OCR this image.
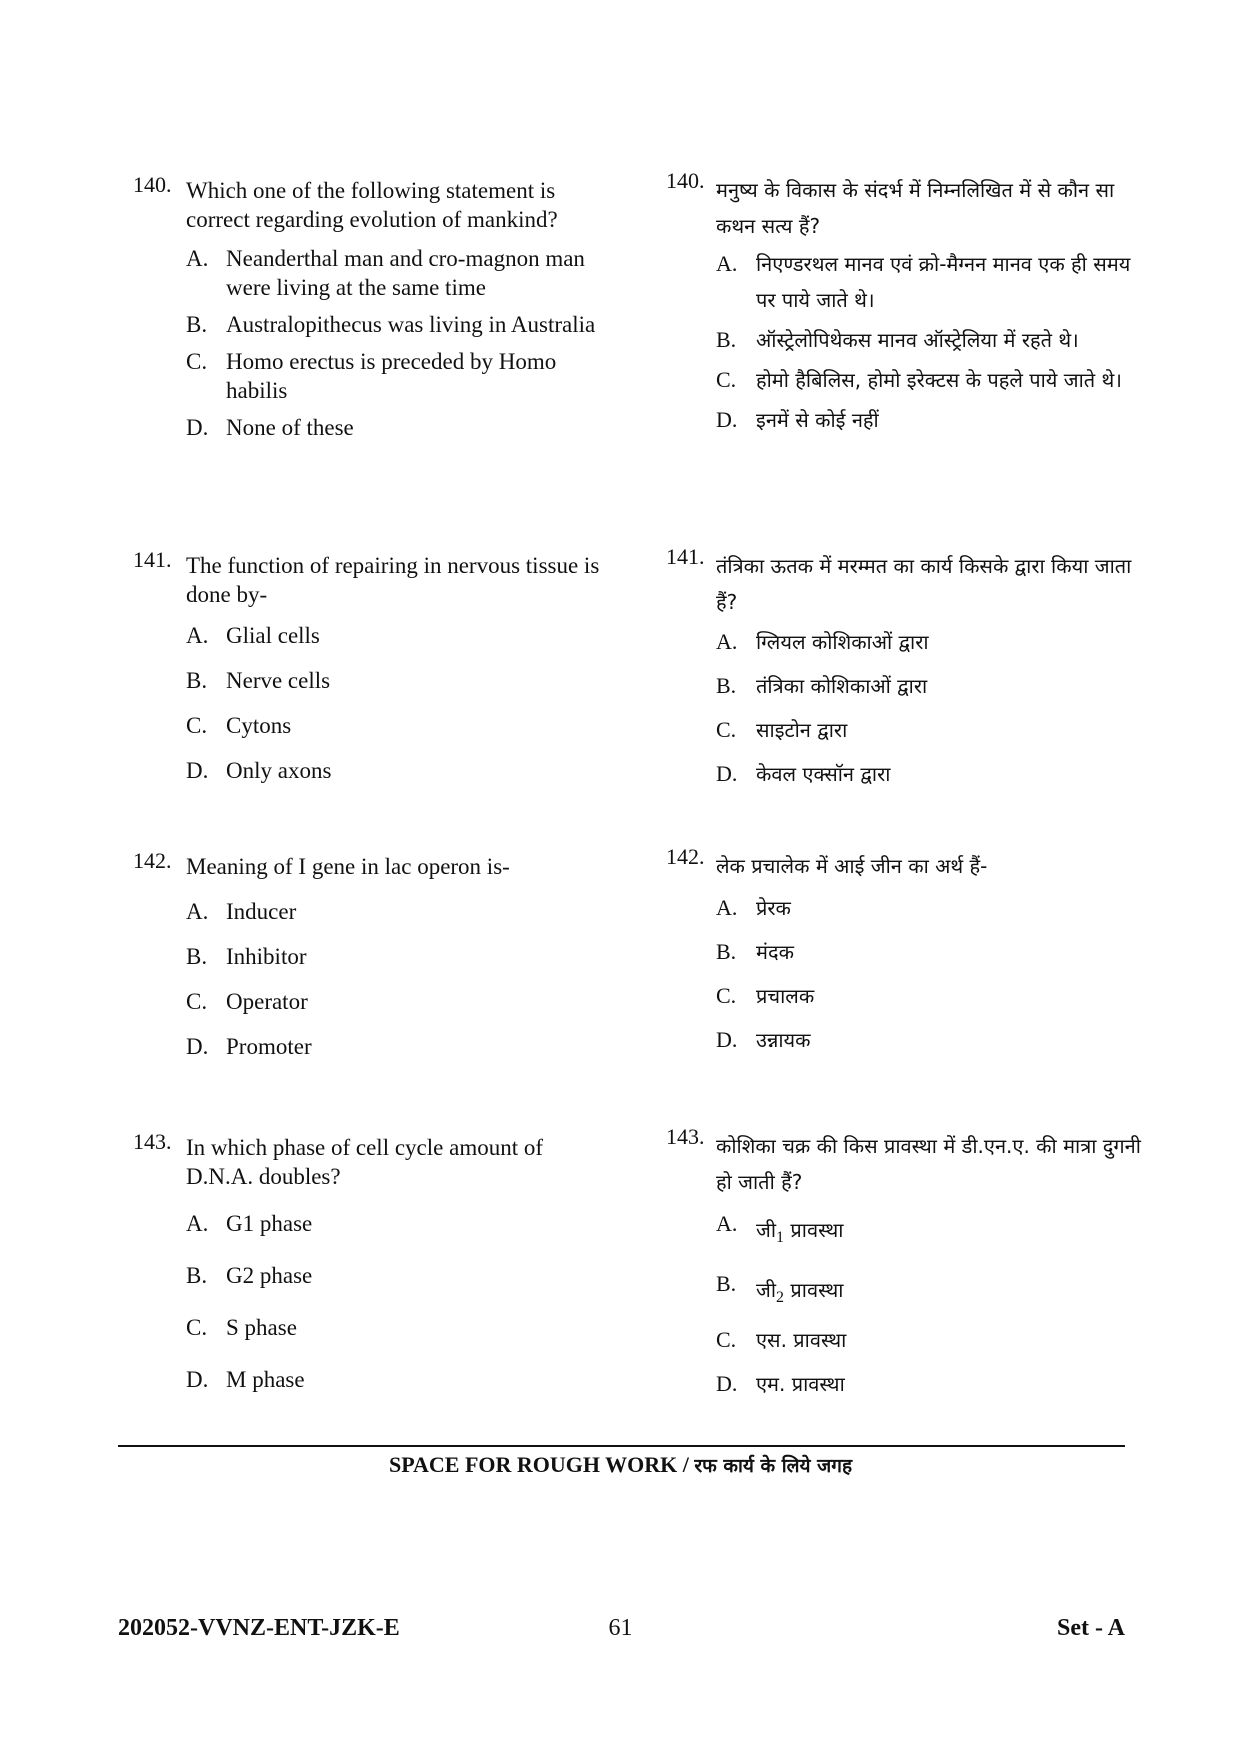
140. Which one of the following statement is correct regarding evolution of mankind?
A. Neanderthal man and cro-magnon man were living at the same time
B. Australopithecus was living in Australia
C. Homo erectus is preceded by Homo habilis
D. None of these
140. मनुष्य के विकास के संदर्भ में निम्नलिखित में से कौन सा कथन सत्य हैं?
A. निएण्डरथल मानव एवं क्रो-मैग्नन मानव एक ही समय पर पाये जाते थे।
B. ऑस्ट्रेलोपिथेकस मानव ऑस्ट्रेलिया में रहते थे।
C. होमो हैबिलिस, होमो इरेक्टस के पहले पाये जाते थे।
D. इनमें से कोई नहीं
141. The function of repairing in nervous tissue is done by-
A. Glial cells
B. Nerve cells
C. Cytons
D. Only axons
141. तंत्रिका ऊतक में मरम्मत का कार्य किसके द्वारा किया जाता हैं?
A. ग्लियल कोशिकाओं द्वारा
B. तंत्रिका कोशिकाओं द्वारा
C. साइटोन द्वारा
D. केवल एक्सॉन द्वारा
142. Meaning of I gene in lac operon is-
A. Inducer
B. Inhibitor
C. Operator
D. Promoter
142. लेक प्रचालेक में आई जीन का अर्थ हैं-
A. प्रेरक
B. मंदक
C. प्रचालक
D. उन्नायक
143. In which phase of cell cycle amount of D.N.A. doubles?
A. G1 phase
B. G2 phase
C. S phase
D. M phase
143. कोशिका चक्र की किस प्रावस्था में डी.एन.ए. की मात्रा दुगनी हो जाती हैं?
A. $जी_1$ प्रावस्था
B. $जी_2$ प्रावस्था
C. एस. प्रावस्था
D. एम. प्रावस्था
SPACE FOR ROUGH WORK / रफ कार्य के लिये जगह
61
202052-VVNZ-ENT-JZK-E	Set - A
